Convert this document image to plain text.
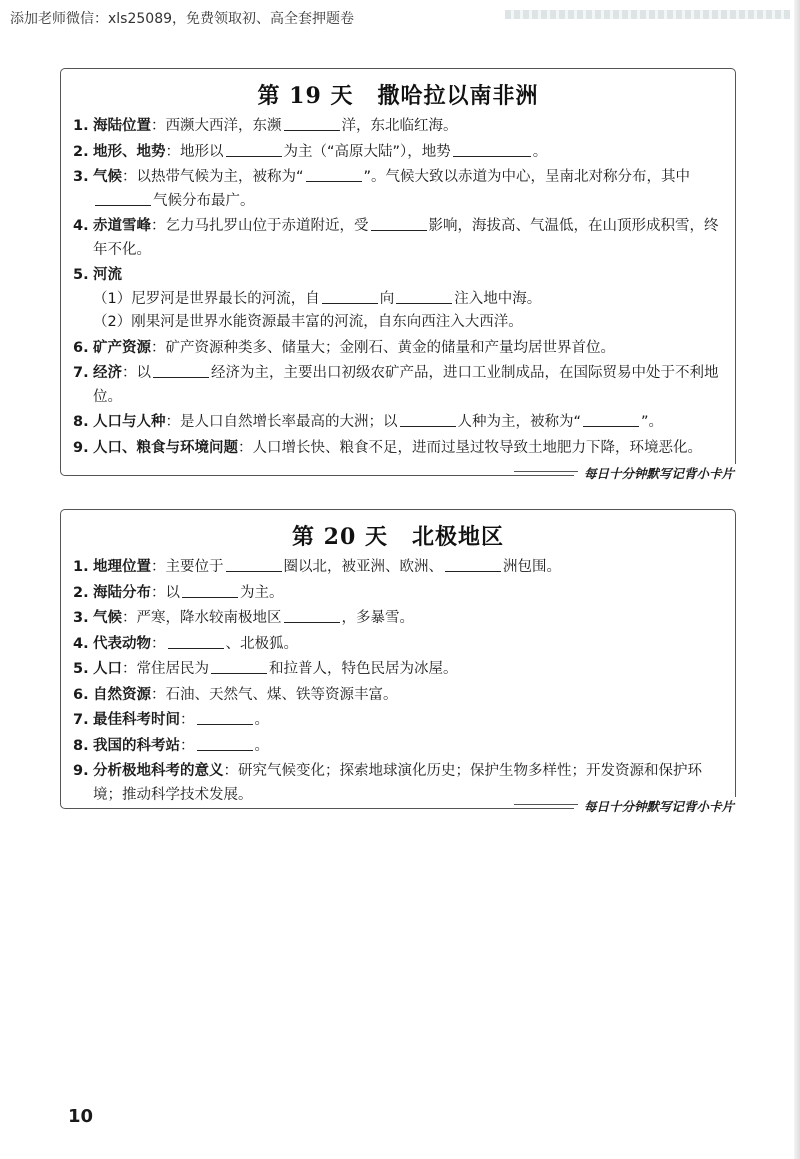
添加老师微信：xls25089，免费领取初、高全套押题卷
第 19 天 撒哈拉以南非洲
1. 海陆位置：西濒大西洋，东濒	洋，东北临红海。
2. 地形、地势：地形以	为主（“高原大陆”），地势	。
3. 气候：以热带气候为主，被称为“	”。气候大致以赤道为中心，呈南北对称分布，其中气候分布最广。
4. 赤道雪峰：乞力马扎罗山位于赤道附近，受	影响，海拔高、气温低，在山顶形成积雪，终年不化。
5. 河流
（1）尼罗河是世界最长的河流，自	向	注入地中海。
（2）刚果河是世界水能资源最丰富的河流，自东向西注入大西洋。
6. 矿产资源：矿产资源种类多、储量大；金刚石、黄金的储量和产量均居世界首位。
7. 经济：以	经济为主，主要出口初级农矿产品，进口工业制成品，在国际贸易中处于不利地位。
8. 人口与人种：是人口自然增长率最高的大洲；以	人种为主，被称为“	”。
9. 人口、粮食与环境问题：人口增长快、粮食不足，进而过垦过牧导致土地肥力下降，环境恶化。
每日十分钟默写记背小卡片
第 20 天 北极地区
1. 地理位置：主要位于	圈以北，被亚洲、欧洲、	洲包围。
2. 海陆分布：以	为主。
3. 气候：严寒，降水较南极地区	，多暴雪。
4. 代表动物：	、北极狐。
5. 人口：常住居民为	和拉普人，特色民居为冰屋。
6. 自然资源：石油、天然气、煤、铁等资源丰富。
7. 最佳科考时间：	。
8. 我国的科考站：	。
9. 分析极地科考的意义：研究气候变化；探索地球演化历史；保护生物多样性；开发资源和保护环境；推动科学技术发展。
每日十分钟默写记背小卡片
10
